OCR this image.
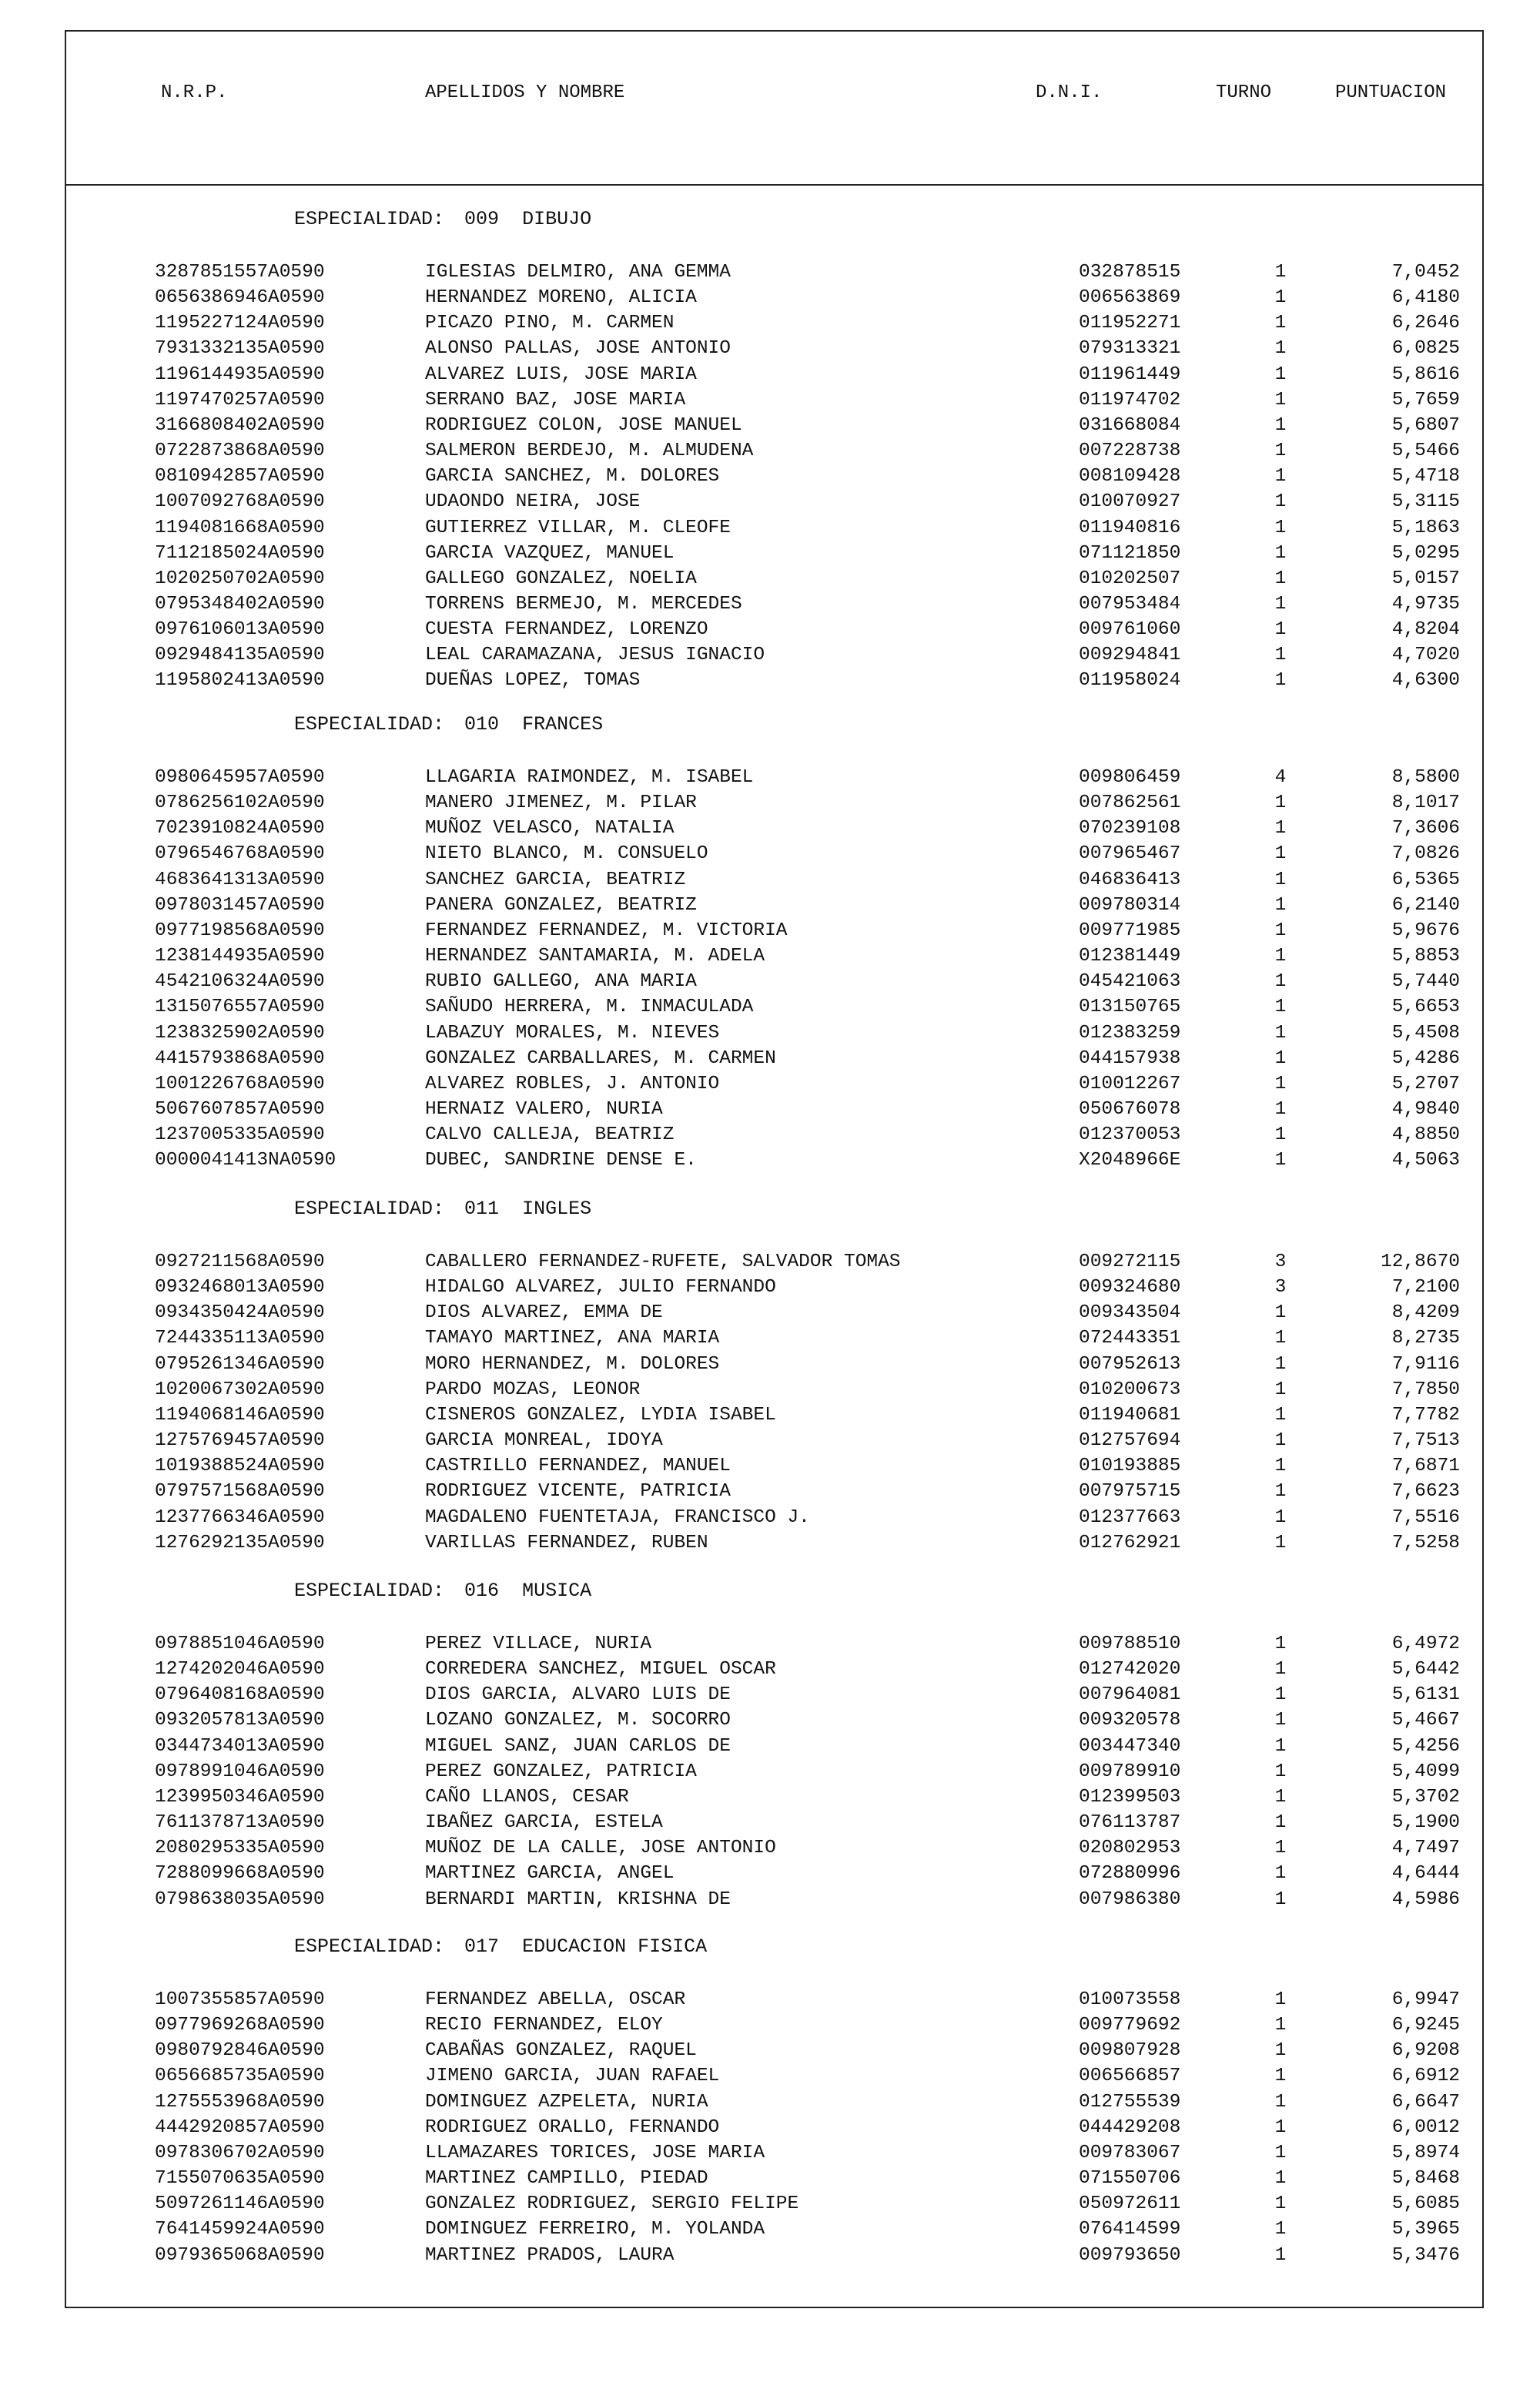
N.R.P.	APELLIDOS Y NOMBRE	D.N.I.	TURNO	PUNTUACION
ESPECIALIDAD: 009 DIBUJO
3287851557A0590	IGLESIAS DELMIRO, ANA GEMMA	032878515	1	7,0452
0656386946A0590	HERNANDEZ MORENO, ALICIA	006563869	1	6,4180
1195227124A0590	PICAZO PINO, M. CARMEN	011952271	1	6,2646
7931332135A0590	ALONSO PALLAS, JOSE ANTONIO	079313321	1	6,0825
1196144935A0590	ALVAREZ LUIS, JOSE MARIA	011961449	1	5,8616
1197470257A0590	SERRANO BAZ, JOSE MARIA	011974702	1	5,7659
3166808402A0590	RODRIGUEZ COLON, JOSE MANUEL	031668084	1	5,6807
0722873868A0590	SALMERON BERDEJO, M. ALMUDENA	007228738	1	5,5466
0810942857A0590	GARCIA SANCHEZ, M. DOLORES	008109428	1	5,4718
1007092768A0590	UDAONDO NEIRA, JOSE	010070927	1	5,3115
1194081668A0590	GUTIERREZ VILLAR, M. CLEOFE	011940816	1	5,1863
7112185024A0590	GARCIA VAZQUEZ, MANUEL	071121850	1	5,0295
1020250702A0590	GALLEGO GONZALEZ, NOELIA	010202507	1	5,0157
0795348402A0590	TORRENS BERMEJO, M. MERCEDES	007953484	1	4,9735
0976106013A0590	CUESTA FERNANDEZ, LORENZO	009761060	1	4,8204
0929484135A0590	LEAL CARAMAZANA, JESUS IGNACIO	009294841	1	4,7020
1195802413A0590	DUEÑAS LOPEZ, TOMAS	011958024	1	4,6300
ESPECIALIDAD: 010 FRANCES
0980645957A0590	LLAGARIA RAIMONDEZ, M. ISABEL	009806459	4	8,5800
0786256102A0590	MANERO JIMENEZ, M. PILAR	007862561	1	8,1017
7023910824A0590	MUÑOZ VELASCO, NATALIA	070239108	1	7,3606
0796546768A0590	NIETO BLANCO, M. CONSUELO	007965467	1	7,0826
4683641313A0590	SANCHEZ GARCIA, BEATRIZ	046836413	1	6,5365
0978031457A0590	PANERA GONZALEZ, BEATRIZ	009780314	1	6,2140
0977198568A0590	FERNANDEZ FERNANDEZ, M. VICTORIA	009771985	1	5,9676
1238144935A0590	HERNANDEZ SANTAMARIA, M. ADELA	012381449	1	5,8853
4542106324A0590	RUBIO GALLEGO, ANA MARIA	045421063	1	5,7440
1315076557A0590	SAÑUDO HERRERA, M. INMACULADA	013150765	1	5,6653
1238325902A0590	LABAZUY MORALES, M. NIEVES	012383259	1	5,4508
4415793868A0590	GONZALEZ CARBALLARES, M. CARMEN	044157938	1	5,4286
1001226768A0590	ALVAREZ ROBLES, J. ANTONIO	010012267	1	5,2707
5067607857A0590	HERNAIZ VALERO, NURIA	050676078	1	4,9840
1237005335A0590	CALVO CALLEJA, BEATRIZ	012370053	1	4,8850
0000041413NA0590	DUBEC, SANDRINE DENSE E.	X2048966E	1	4,5063
ESPECIALIDAD: 011 INGLES
0927211568A0590	CABALLERO FERNANDEZ-RUFETE, SALVADOR TOMAS	009272115	3	12,8670
0932468013A0590	HIDALGO ALVAREZ, JULIO FERNANDO	009324680	3	7,2100
0934350424A0590	DIOS ALVAREZ, EMMA DE	009343504	1	8,4209
7244335113A0590	TAMAYO MARTINEZ, ANA MARIA	072443351	1	8,2735
0795261346A0590	MORO HERNANDEZ, M. DOLORES	007952613	1	7,9116
1020067302A0590	PARDO MOZAS, LEONOR	010200673	1	7,7850
1194068146A0590	CISNEROS GONZALEZ, LYDIA ISABEL	011940681	1	7,7782
1275769457A0590	GARCIA MONREAL, IDOYA	012757694	1	7,7513
1019388524A0590	CASTRILLO FERNANDEZ, MANUEL	010193885	1	7,6871
0797571568A0590	RODRIGUEZ VICENTE, PATRICIA	007975715	1	7,6623
1237766346A0590	MAGDALENO FUENTETAJA, FRANCISCO J.	012377663	1	7,5516
1276292135A0590	VARILLAS FERNANDEZ, RUBEN	012762921	1	7,5258
ESPECIALIDAD: 016 MUSICA
0978851046A0590	PEREZ VILLACE, NURIA	009788510	1	6,4972
1274202046A0590	CORREDERA SANCHEZ, MIGUEL OSCAR	012742020	1	5,6442
0796408168A0590	DIOS GARCIA, ALVARO LUIS DE	007964081	1	5,6131
0932057813A0590	LOZANO GONZALEZ, M. SOCORRO	009320578	1	5,4667
0344734013A0590	MIGUEL SANZ, JUAN CARLOS DE	003447340	1	5,4256
0978991046A0590	PEREZ GONZALEZ, PATRICIA	009789910	1	5,4099
1239950346A0590	CAÑO LLANOS, CESAR	012399503	1	5,3702
7611378713A0590	IBAÑEZ GARCIA, ESTELA	076113787	1	5,1900
2080295335A0590	MUÑOZ DE LA CALLE, JOSE ANTONIO	020802953	1	4,7497
7288099668A0590	MARTINEZ GARCIA, ANGEL	072880996	1	4,6444
0798638035A0590	BERNARDI MARTIN, KRISHNA DE	007986380	1	4,5986
ESPECIALIDAD: 017 EDUCACION FISICA
1007355857A0590	FERNANDEZ ABELLA, OSCAR	010073558	1	6,9947
0977969268A0590	RECIO FERNANDEZ, ELOY	009779692	1	6,9245
0980792846A0590	CABAÑAS GONZALEZ, RAQUEL	009807928	1	6,9208
0656685735A0590	JIMENO GARCIA, JUAN RAFAEL	006566857	1	6,6912
1275553968A0590	DOMINGUEZ AZPELETA, NURIA	012755539	1	6,6647
4442920857A0590	RODRIGUEZ ORALLO, FERNANDO	044429208	1	6,0012
0978306702A0590	LLAMAZARES TORICES, JOSE MARIA	009783067	1	5,8974
7155070635A0590	MARTINEZ CAMPILLO, PIEDAD	071550706	1	5,8468
5097261146A0590	GONZALEZ RODRIGUEZ, SERGIO FELIPE	050972611	1	5,6085
7641459924A0590	DOMINGUEZ FERREIRO, M. YOLANDA	076414599	1	5,3965
0979365068A0590	MARTINEZ PRADOS, LAURA	009793650	1	5,3476
